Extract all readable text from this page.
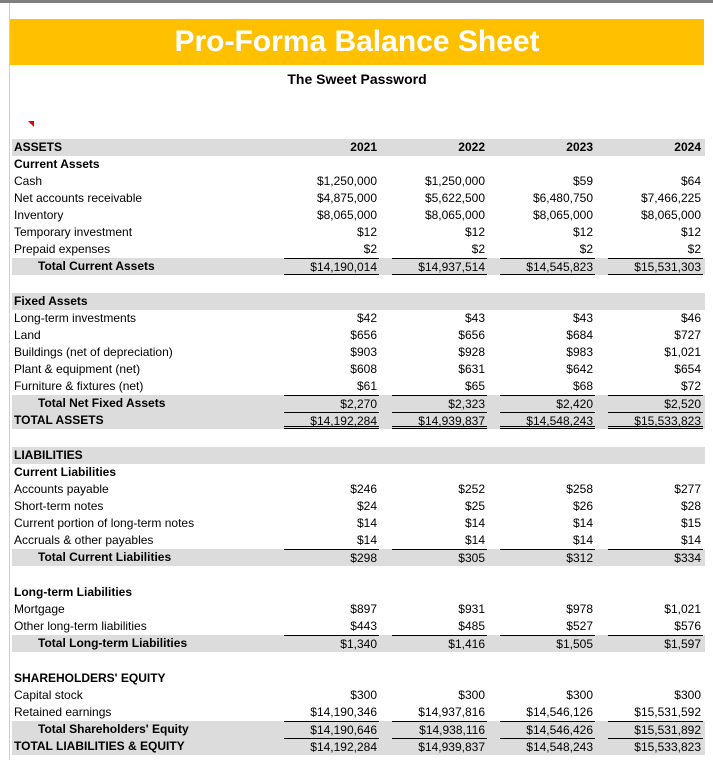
Pro-Forma Balance Sheet
The Sweet Password
ASSETS	2021	2022	2023	2024
Current Assets
Cash	$1,250,000	$1,250,000	$59	$64
Net accounts receivable	$4,875,000	$5,622,500	$6,480,750	$7,466,225
Inventory	$8,065,000	$8,065,000	$8,065,000	$8,065,000
Temporary investment	$12	$12	$12	$12
Prepaid expenses	$2	$2	$2	$2
Total Current Assets	$14,190,014	$14,937,514	$14,545,823	$15,531,303
Fixed Assets
Long-term investments	$42	$43	$43	$46
Land	$656	$656	$684	$727
Buildings (net of depreciation)	$903	$928	$983	$1,021
Plant & equipment (net)	$608	$631	$642	$654
Furniture & fixtures (net)	$61	$65	$68	$72
Total Net Fixed Assets	$2,270	$2,323	$2,420	$2,520
TOTAL ASSETS	$14,192,284	$14,939,837	$14,548,243	$15,533,823
LIABILITIES
Current Liabilities
Accounts payable	$246	$252	$258	$277
Short-term notes	$24	$25	$26	$28
Current portion of long-term notes	$14	$14	$14	$15
Accruals & other payables	$14	$14	$14	$14
Total Current Liabilities	$298	$305	$312	$334
Long-term Liabilities
Mortgage	$897	$931	$978	$1,021
Other long-term liabilities	$443	$485	$527	$576
Total Long-term Liabilities	$1,340	$1,416	$1,505	$1,597
SHAREHOLDERS' EQUITY
Capital stock	$300	$300	$300	$300
Retained earnings	$14,190,346	$14,937,816	$14,546,126	$15,531,592
Total Shareholders' Equity	$14,190,646	$14,938,116	$14,546,426	$15,531,892
TOTAL LIABILITIES & EQUITY	$14,192,284	$14,939,837	$14,548,243	$15,533,823
